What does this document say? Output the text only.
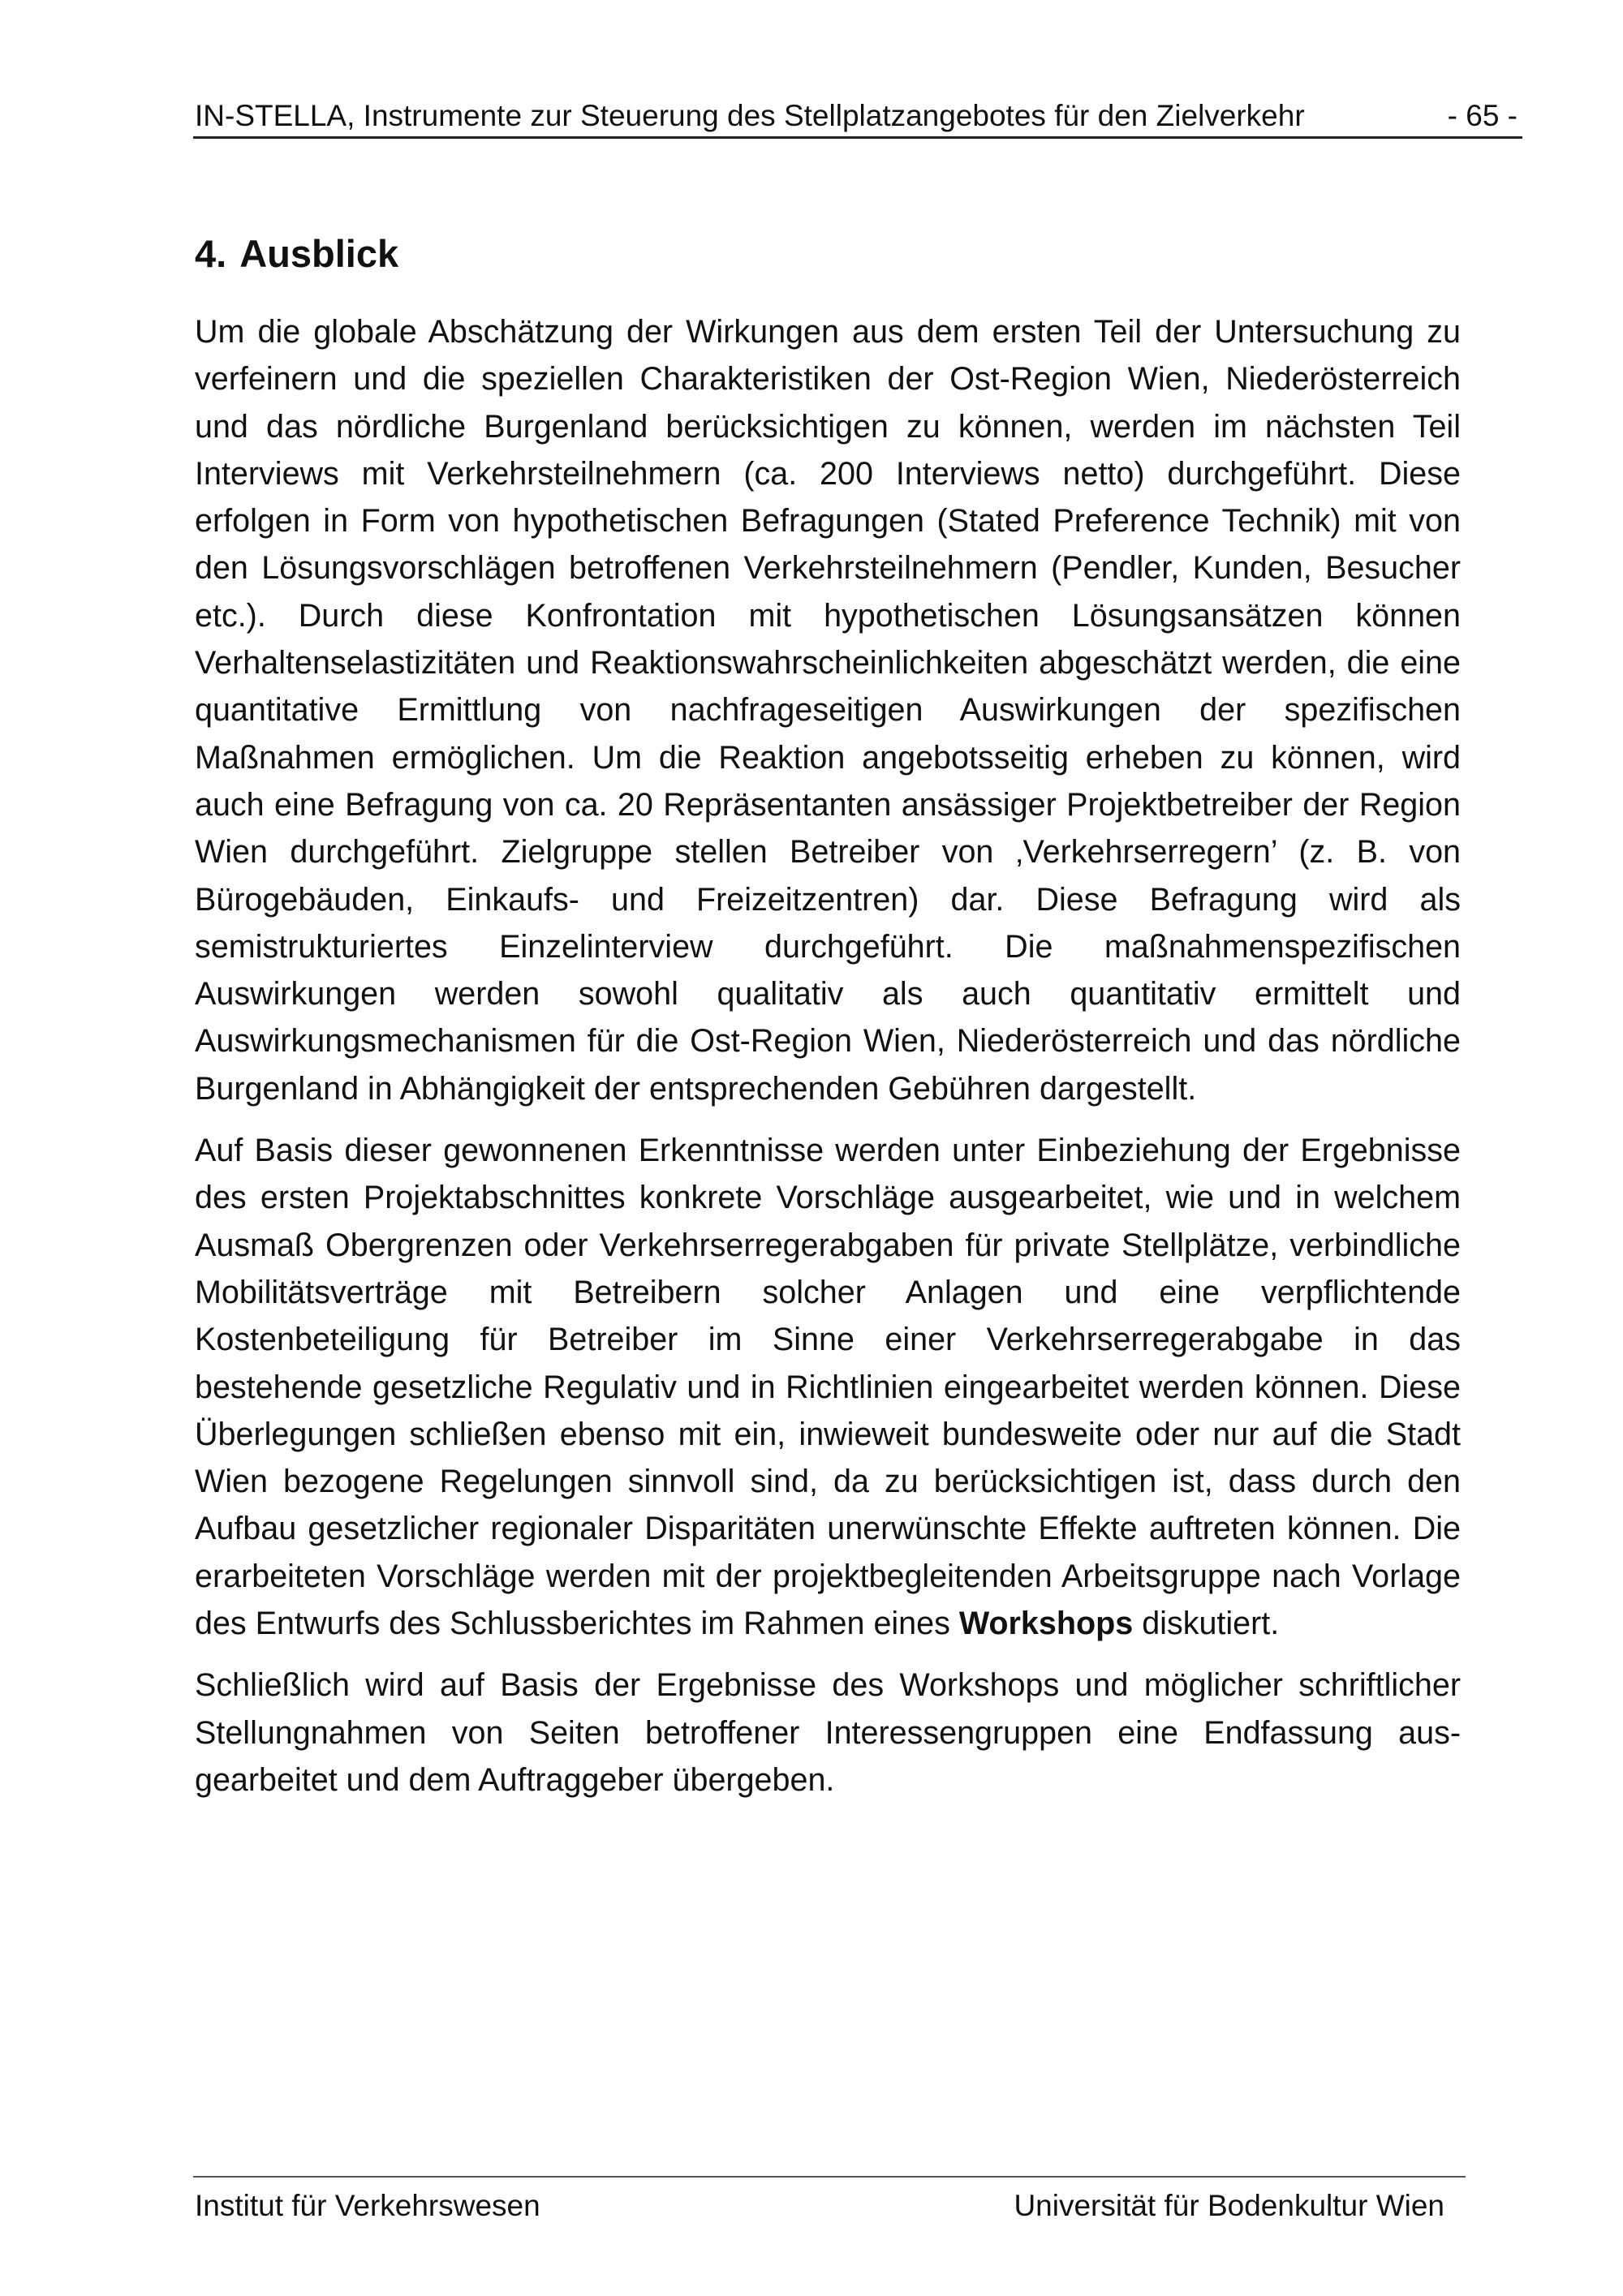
IN-STELLA, Instrumente zur Steuerung des Stellplatzangebotes für den Zielverkehr	- 65 -
4. Ausblick

Um die globale Abschätzung der Wirkungen aus dem ersten Teil der Untersuchung zu verfeinern und die speziellen Charakteristiken der Ost-Region Wien, Niederösterreich und das nördliche Burgenland berücksichtigen zu können, werden im nächsten Teil Interviews mit Verkehrsteilnehmern (ca. 200 Interviews netto) durchgeführt. Diese erfolgen in Form von hypothetischen Befragungen (Stated Preference Technik) mit von den Lösungsvorschlägen betroffenen Verkehrsteilnehmern (Pendler, Kunden, Besucher etc.). Durch diese Konfrontation mit hypothetischen Lösungsansätzen können Verhaltenselastizitäten und Reaktionswahrscheinlichkeiten abgeschätzt werden, die eine quantitative Ermittlung von nachfrageseitigen Auswirkungen der spezifischen Maßnahmen ermöglichen. Um die Reaktion angebotsseitig erheben zu können, wird auch eine Befragung von ca. 20 Repräsentanten ansässiger Projektbetreiber der Region Wien durchgeführt. Zielgruppe stellen Betreiber von ‚Verkehrserregern’ (z. B. von Bürogebäuden, Einkaufs- und Freizeitzentren) dar. Diese Befragung wird als semistrukturiertes Einzelinterview durchgeführt. Die maßnahmenspezifischen Auswirkungen werden sowohl qualitativ als auch quantitativ ermittelt und Auswirkungsmechanismen für die Ost-Region Wien, Niederösterreich und das nördliche Burgenland in Abhängigkeit der entsprechenden Gebühren dargestellt.

Auf Basis dieser gewonnenen Erkenntnisse werden unter Einbeziehung der Ergebnisse des ersten Projektabschnittes konkrete Vorschläge ausgearbeitet, wie und in welchem Ausmaß Obergrenzen oder Verkehrserregerabgaben für private Stellplätze, verbindliche Mobilitätsverträge mit Betreibern solcher Anlagen und eine verpflichtende Kostenbeteiligung für Betreiber im Sinne einer Verkehrserregerabgabe in das bestehende gesetzliche Regulativ und in Richtlinien eingearbeitet werden können. Diese Überlegungen schließen ebenso mit ein, inwieweit bundesweite oder nur auf die Stadt Wien bezogene Regelungen sinnvoll sind, da zu berücksichtigen ist, dass durch den Aufbau gesetzlicher regionaler Disparitäten unerwünschte Effekte auftreten können. Die erarbeiteten Vorschläge werden mit der projektbegleitenden Arbeitsgruppe nach Vorlage des Entwurfs des Schlussberichtes im Rahmen eines Workshops diskutiert.

Schließlich wird auf Basis der Ergebnisse des Workshops und möglicher schriftlicher Stellungnahmen von Seiten betroffener Interessengruppen eine Endfassung ausgearbeitet und dem Auftraggeber übergeben.

Institut für Verkehrswesen	Universität für Bodenkultur Wien
